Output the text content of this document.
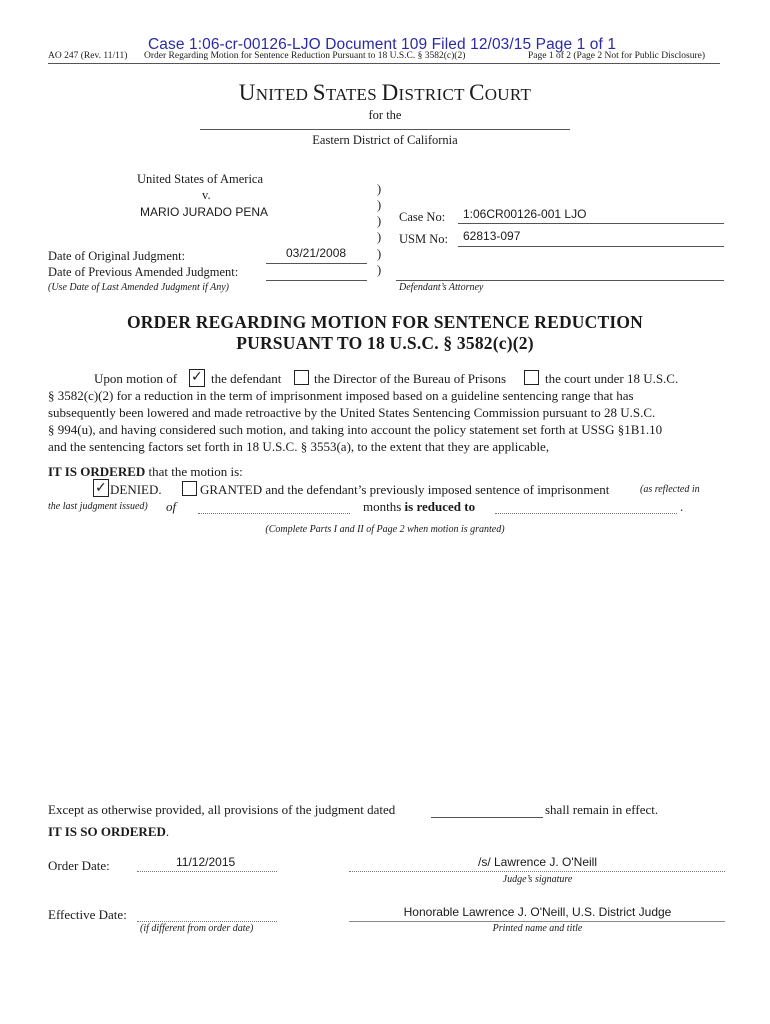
Case 1:06-cr-00126-LJO Document 109 Filed 12/03/15 Page 1 of 1
AO 247 (Rev. 11/11) Order Regarding Motion for Sentence Reduction Pursuant to 18 U.S.C. § 3582(c)(2)	Page 1 of 2 (Page 2 Not for Public Disclosure)
UNITED STATES DISTRICT COURT
for the
Eastern District of California
United States of America
v.
MARIO JURADO PENA
)
)
)
)
)
)
Case No: 1:06CR00126-001 LJO
USM No: 62813-097
Date of Original Judgment:	03/21/2008
Date of Previous Amended Judgment:
(Use Date of Last Amended Judgment if Any)	Defendant’s Attorney
ORDER REGARDING MOTION FOR SENTENCE REDUCTION
PURSUANT TO 18 U.S.C. § 3582(c)(2)
Upon motion of ✓ the defendant	the Director of the Bureau of Prisons	the court under 18 U.S.C.
§ 3582(c)(2) for a reduction in the term of imprisonment imposed based on a guideline sentencing range that has
subsequently been lowered and made retroactive by the United States Sentencing Commission pursuant to 28 U.S.C.
§ 994(u), and having considered such motion, and taking into account the policy statement set forth at USSG §1B1.10
and the sentencing factors set forth in 18 U.S.C. § 3553(a), to the extent that they are applicable,
IT IS ORDERED that the motion is:
✓ DENIED.	GRANTED and the defendant’s previously imposed sentence of imprisonment	(as reflected in
the last judgment issued) of	months is reduced to	.
(Complete Parts I and II of Page 2 when motion is granted)
Except as otherwise provided, all provisions of the judgment dated	shall remain in effect.
IT IS SO ORDERED.
Order Date:	11/12/2015	/s/ Lawrence J. O'Neill
Judge’s signature
Effective Date:
(if different from order date)
Honorable Lawrence J. O'Neill, U.S. District Judge
Printed name and title
